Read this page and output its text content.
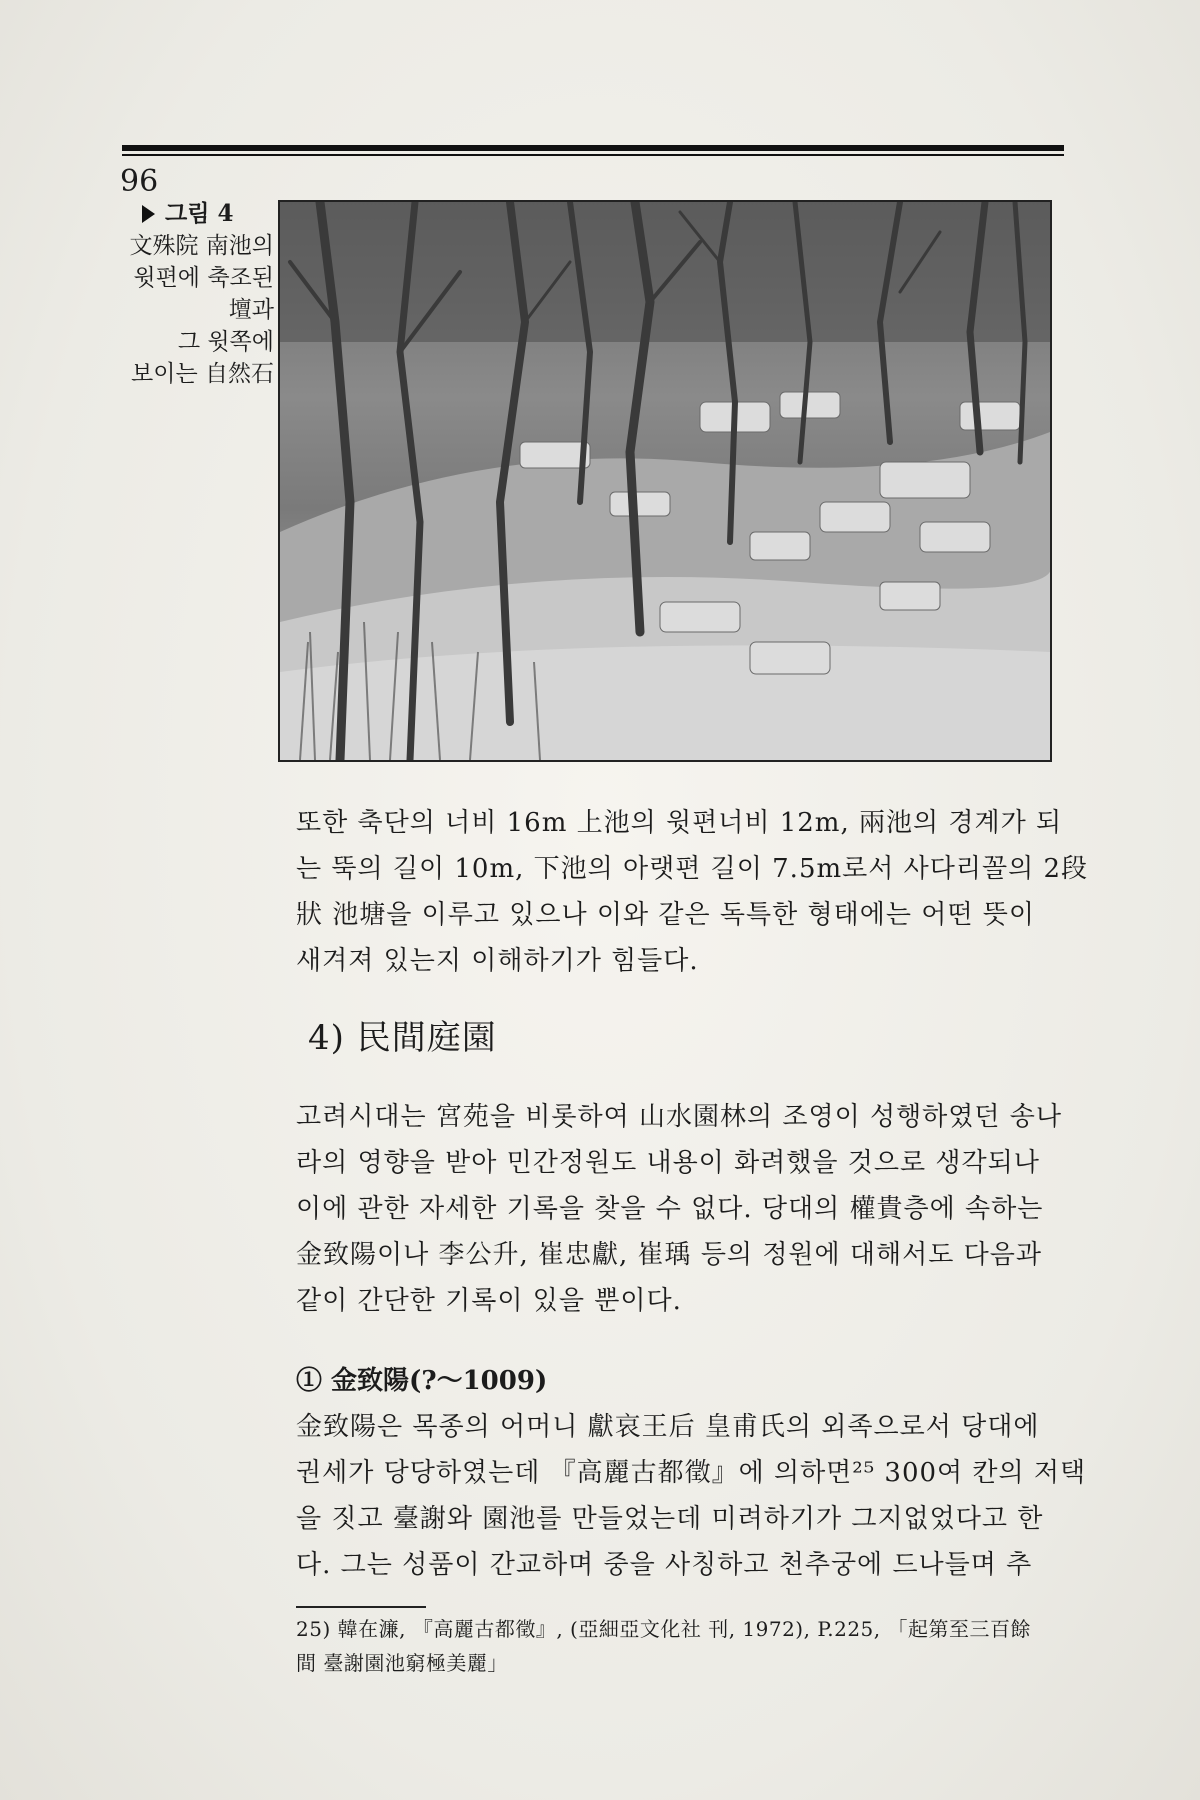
96
그림 4
文殊院 南池의
윗편에 축조된
壇과
그 윗쪽에
보이는 自然石
또한 축단의 너비 16m 上池의 윗편너비 12m, 兩池의 경계가 되
는 뚝의 길이 10m, 下池의 아랫편 길이 7.5m로서 사다리꼴의 2段
狀 池塘을 이루고 있으나 이와 같은 독특한 형태에는 어떤 뜻이
새겨져 있는지 이해하기가 힘들다.
4) 民間庭園
고려시대는 宮苑을 비롯하여 山水園林의 조영이 성행하였던 송나
라의 영향을 받아 민간정원도 내용이 화려했을 것으로 생각되나
이에 관한 자세한 기록을 찾을 수 없다. 당대의 權貴층에 속하는
金致陽이나 李公升, 崔忠獻, 崔瑀 등의 정원에 대해서도 다음과
같이 간단한 기록이 있을 뿐이다.
① 金致陽(?～1009)
金致陽은 목종의 어머니 獻哀王后 皇甫氏의 외족으로서 당대에
권세가 당당하였는데 『高麗古都徵』에 의하면²⁵ 300여 칸의 저택
을 짓고 臺謝와 園池를 만들었는데 미려하기가 그지없었다고 한
다. 그는 성품이 간교하며 중을 사칭하고 천추궁에 드나들며 추
25) 韓在濂, 『高麗古都徵』, (亞細亞文化社 刊, 1972), P.225, 「起第至三百餘
間 臺謝園池窮極美麗」
